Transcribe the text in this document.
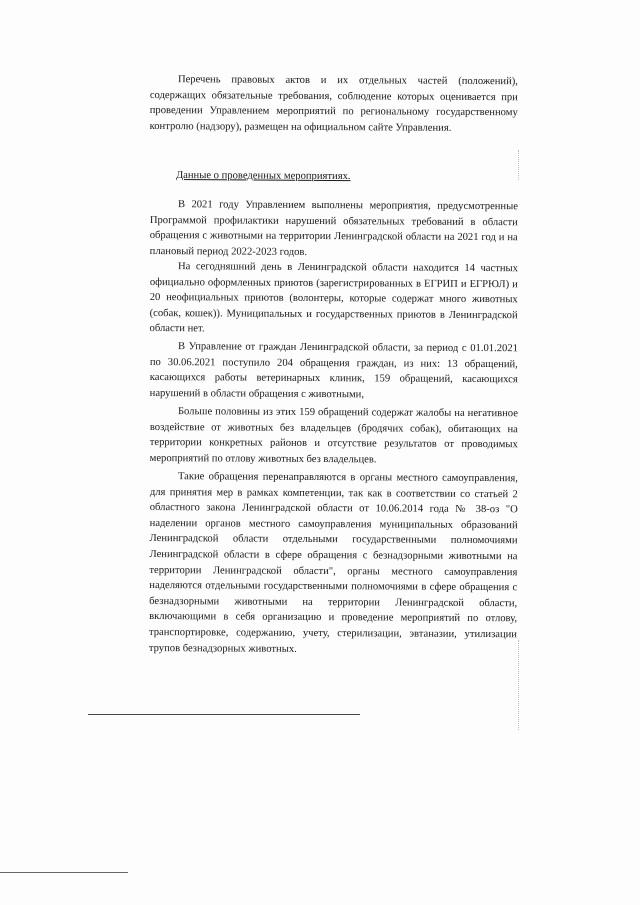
Перечень правовых актов и их отдельных частей (положений), содержащих обязательные требования, соблюдение которых оценивается при проведении Управлением мероприятий по региональному государственному контролю (надзору), размещен на официальном сайте Управления.

Данные о проведенных мероприятиях.

В 2021 году Управлением выполнены мероприятия, предусмотренные Программой профилактики нарушений обязательных требований в области обращения с животными на территории Ленинградской области на 2021 год и на плановый период 2022-2023 годов.

На сегодняшний день в Ленинградской области находится 14 частных официально оформленных приютов (зарегистрированных в ЕГРИП и ЕГРЮЛ) и 20 неофициальных приютов (волонтеры, которые содержат много животных (собак, кошек)). Муниципальных и государственных приютов в Ленинградской области нет.

В Управление от граждан Ленинградской области, за период с 01.01.2021 по 30.06.2021 поступило 204 обращения граждан, из них: 13 обращений, касающихся работы ветеринарных клиник, 159 обращений, касающихся нарушений в области обращения с животными,

Больше половины из этих 159 обращений содержат жалобы на негативное воздействие от животных без владельцев (бродячих собак), обитающих на территории конкретных районов и отсутствие результатов от проводимых мероприятий по отлову животных без владельцев.

Такие обращения перенаправляются в органы местного самоуправления, для принятия мер в рамках компетенции, так как в соответствии со статьей 2 областного закона Ленинградской области от 10.06.2014 года № 38-оз "О наделении органов местного самоуправления муниципальных образований Ленинградской области отдельными государственными полномочиями Ленинградской области в сфере обращения с безнадзорными животными на территории Ленинградской области", органы местного самоуправления наделяются отдельными государственными полномочиями в сфере обращения с безнадзорными животными на территории Ленинградской области, включающими в себя организацию и проведение мероприятий по отлову, транспортировке, содержанию, учету, стерилизации, эвтаназии, утилизации трупов безнадзорных животных.
